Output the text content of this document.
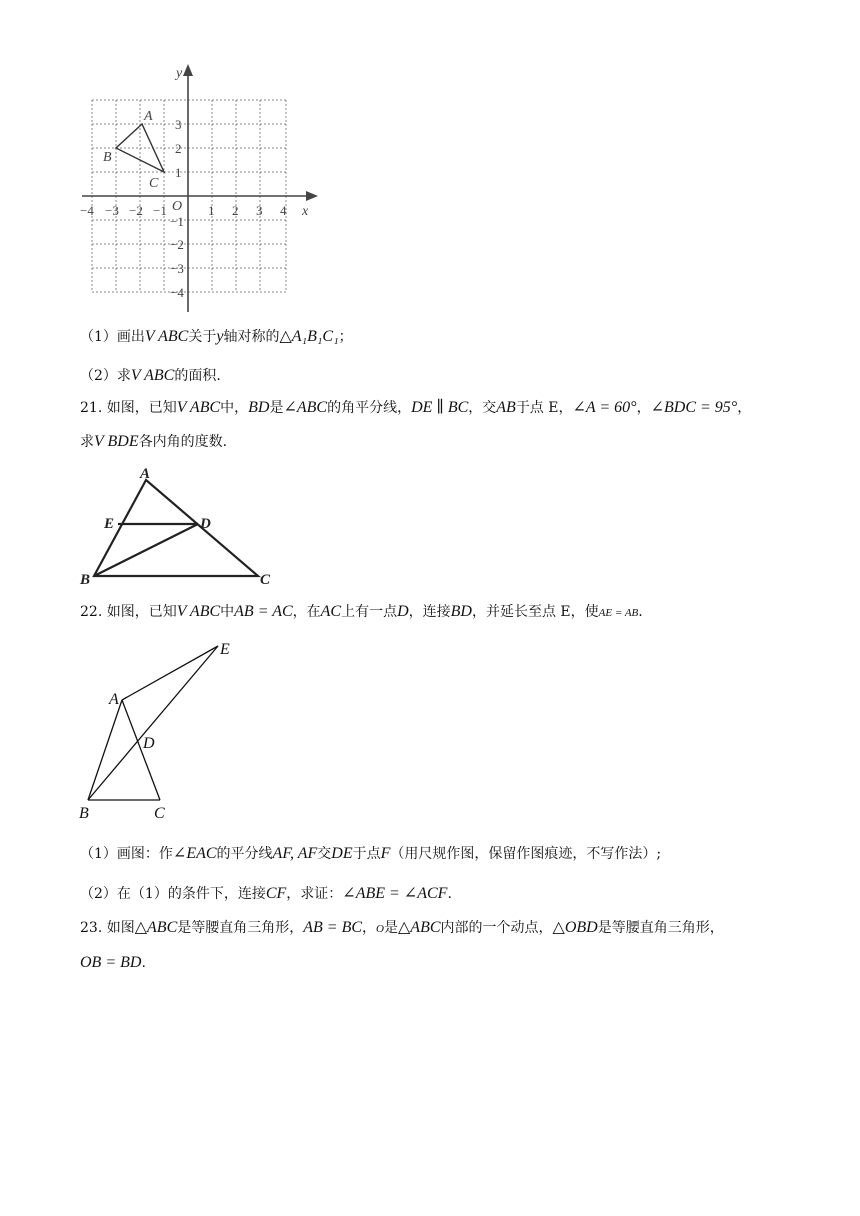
y
x
O
A
B
C
−4 −3 −2 −1	1 2 3 4
1
2
3
−1
−2
−3
−4
（1）画出V ABC关于y轴对称的△A₁B₁C₁；
（2）求V ABC的面积.
21. 如图，已知V ABC中，BD是∠ABC的角平分线，DE ∥ BC，交AB于点 E，∠A = 60°，∠BDC = 95°，
求V BDE各内角的度数.
A
E	D
B	C
22. 如图，已知V ABC中AB = AC，在AC上有一点D，连接BD，并延长至点 E，使AE = AB.
A
B	C
D
E
（1）画图：作∠EAC的平分线AF, AF交DE于点F（用尺规作图，保留作图痕迹，不写作法）;
（2）在（1）的条件下，连接CF，求证：∠ABE = ∠ACF.
23. 如图△ABC是等腰直角三角形，AB = BC，O是△ABC内部的一个动点，△OBD是等腰直角三角形，
OB = BD.
